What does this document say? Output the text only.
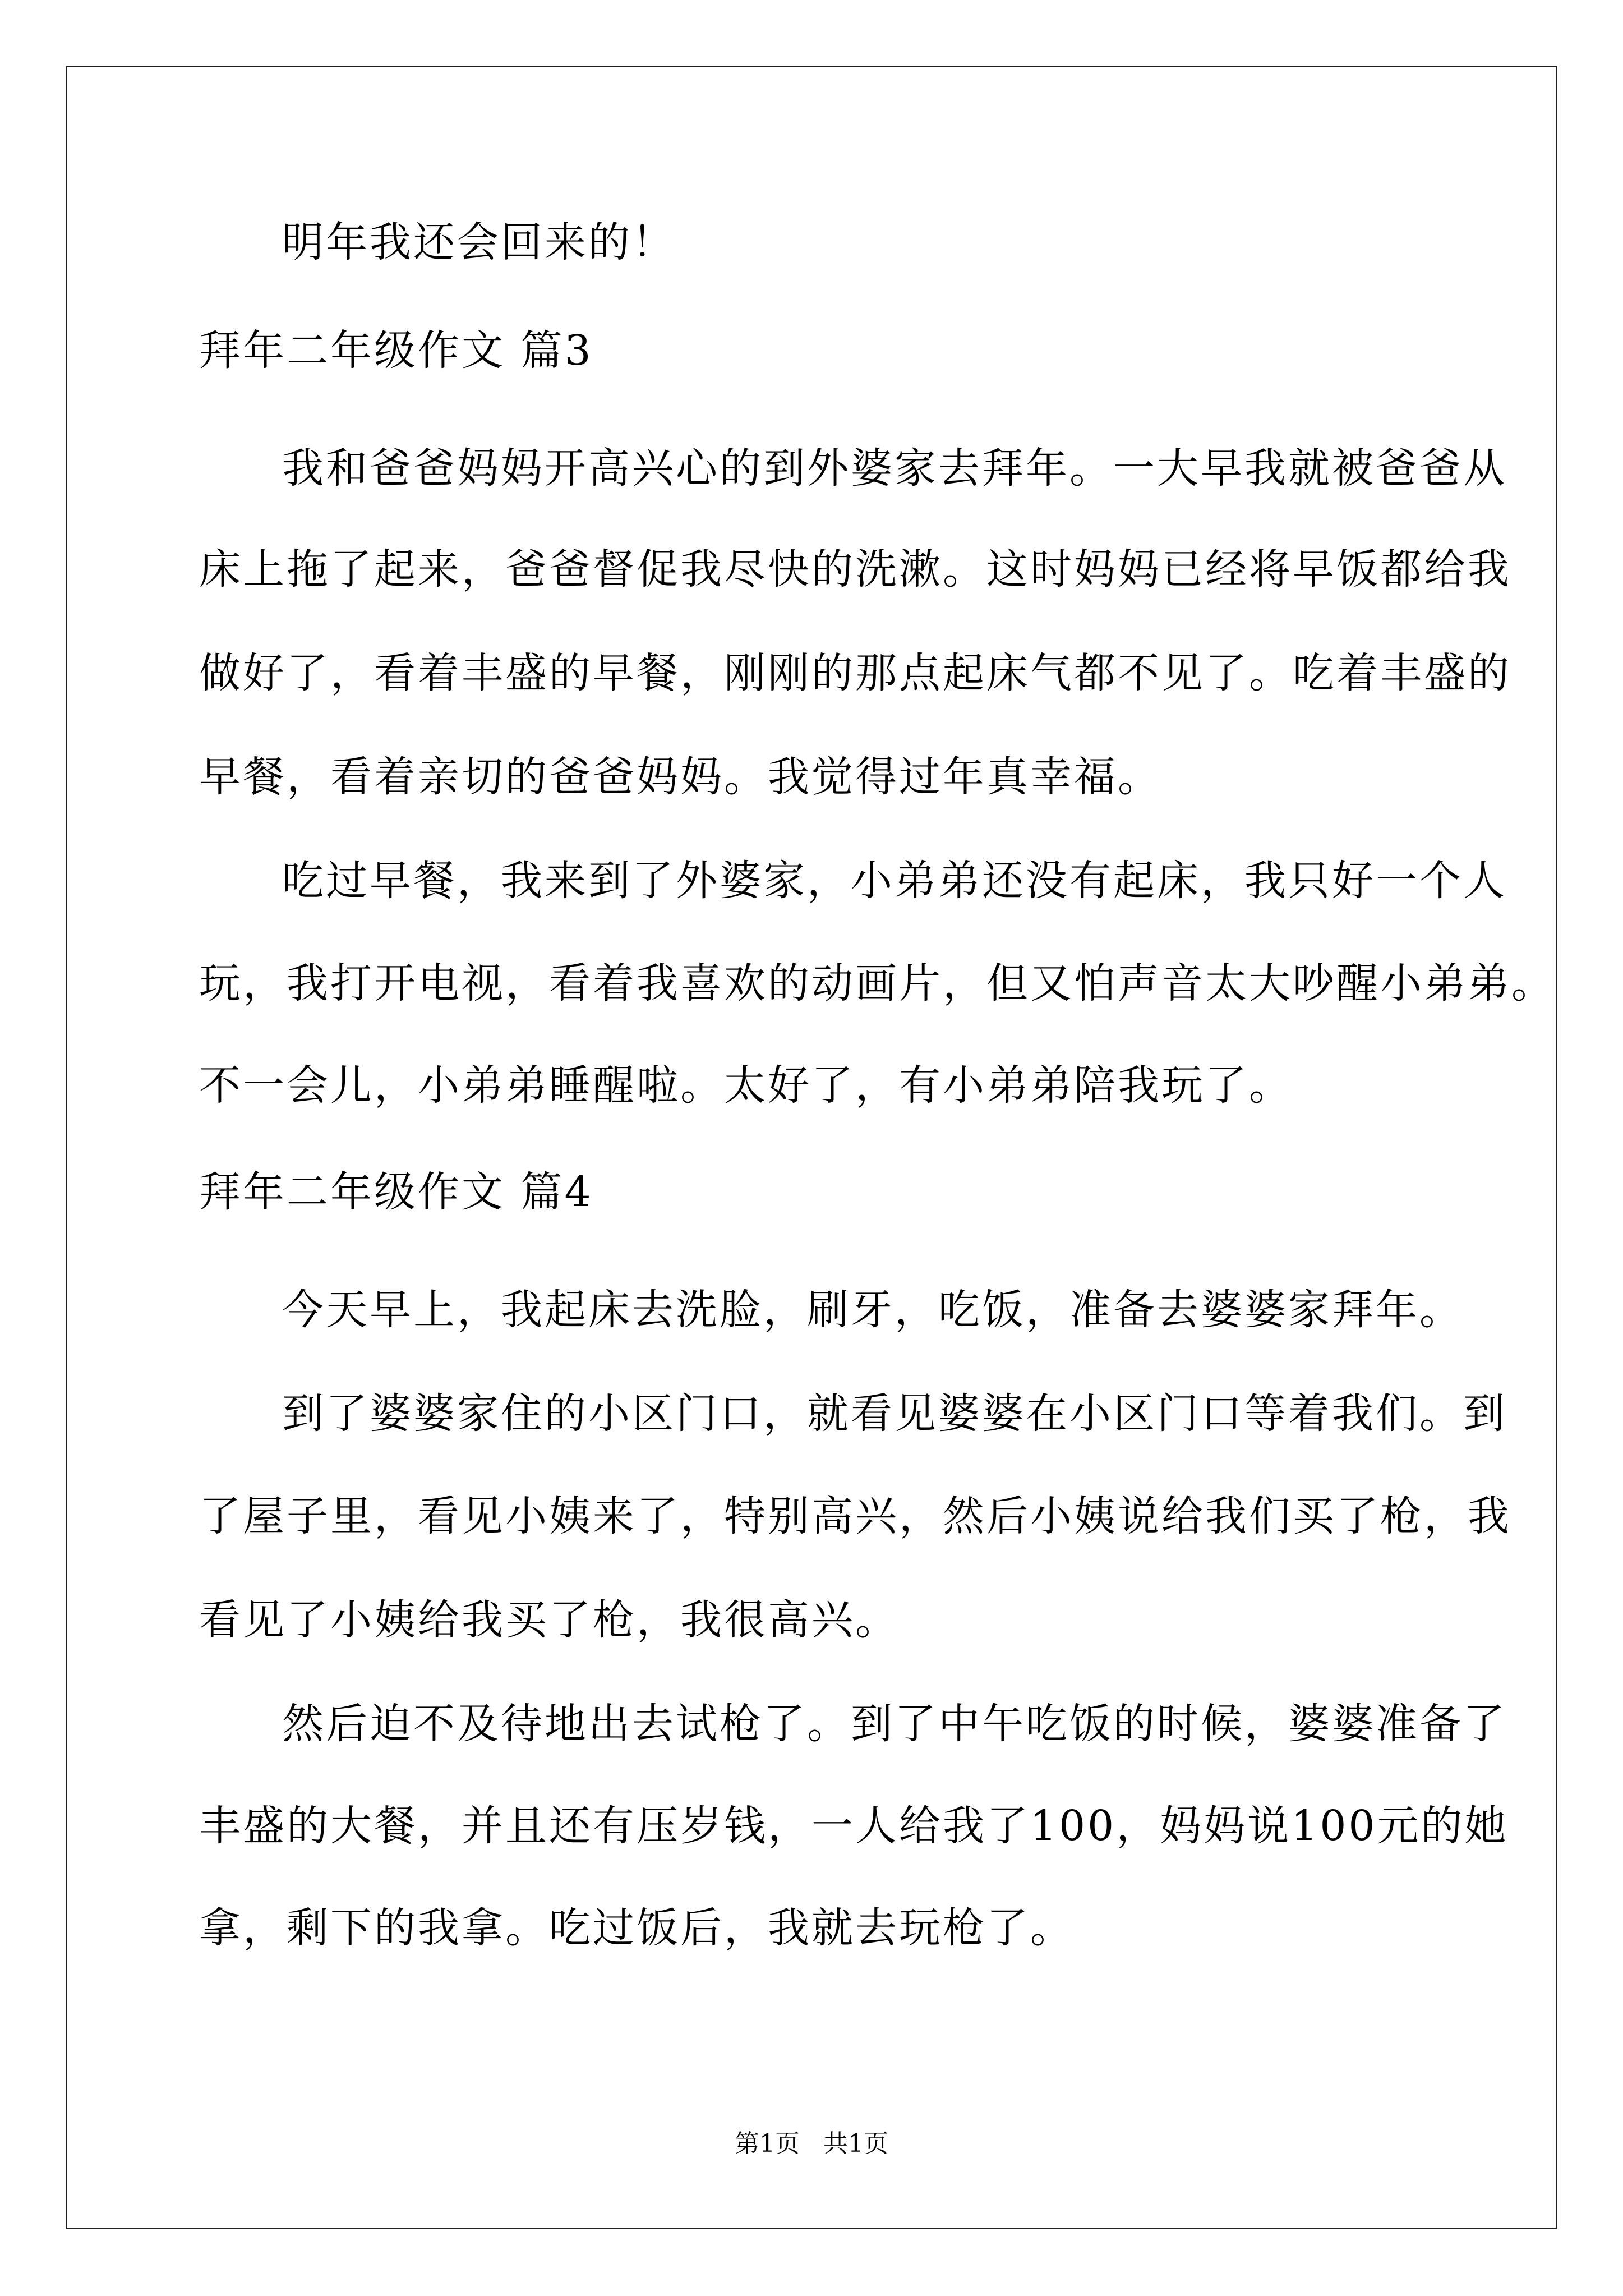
明年我还会回来的！
拜年二年级作文 篇3
我和爸爸妈妈开高兴心的到外婆家去拜年。一大早我就被爸爸从
床上拖了起来，爸爸督促我尽快的洗漱。这时妈妈已经将早饭都给我
做好了，看着丰盛的早餐，刚刚的那点起床气都不见了。吃着丰盛的
早餐，看着亲切的爸爸妈妈。我觉得过年真幸福。
吃过早餐，我来到了外婆家，小弟弟还没有起床，我只好一个人
玩，我打开电视，看着我喜欢的动画片，但又怕声音太大吵醒小弟弟。
不一会儿，小弟弟睡醒啦。太好了，有小弟弟陪我玩了。
拜年二年级作文 篇4
今天早上，我起床去洗脸，刷牙，吃饭，准备去婆婆家拜年。
到了婆婆家住的小区门口，就看见婆婆在小区门口等着我们。到
了屋子里，看见小姨来了，特别高兴，然后小姨说给我们买了枪，我
看见了小姨给我买了枪，我很高兴。
然后迫不及待地出去试枪了。到了中午吃饭的时候，婆婆准备了
丰盛的大餐，并且还有压岁钱，一人给我了100，妈妈说100元的她
拿，剩下的我拿。吃过饭后，我就去玩枪了。
第1页 共1页
